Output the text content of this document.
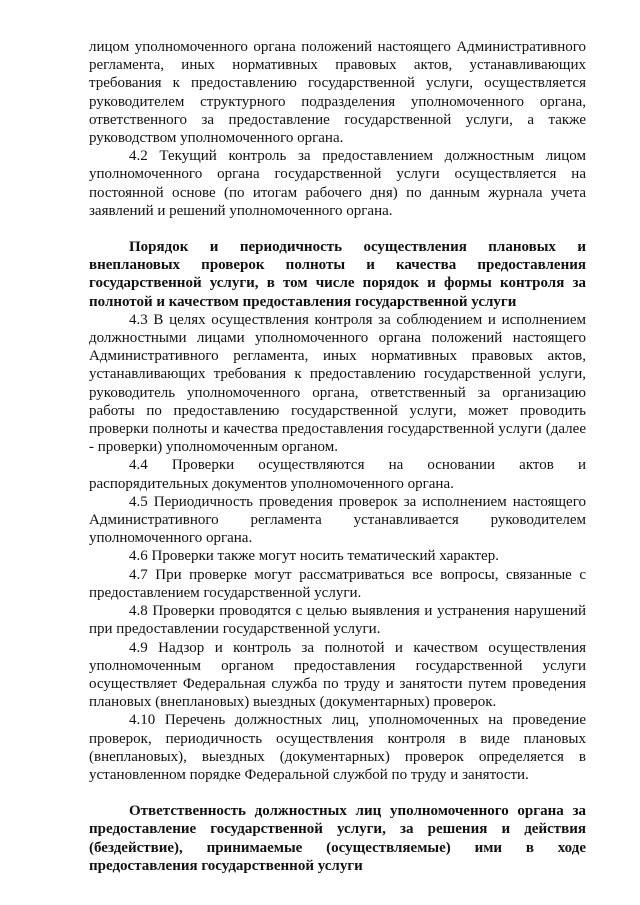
лицом уполномоченного органа положений настоящего Административного регламента, иных нормативных правовых актов, устанавливающих требования к предоставлению государственной услуги, осуществляется руководителем структурного подразделения уполномоченного органа, ответственного за предоставление государственной услуги, а также руководством уполномоченного органа.

4.2 Текущий контроль за предоставлением должностным лицом уполномоченного органа государственной услуги осуществляется на постоянной основе (по итогам рабочего дня) по данным журнала учета заявлений и решений уполномоченного органа.

Порядок и периодичность осуществления плановых и внеплановых проверок полноты и качества предоставления государственной услуги, в том числе порядок и формы контроля за полнотой и качеством предоставления государственной услуги

4.3 В целях осуществления контроля за соблюдением и исполнением должностными лицами уполномоченного органа положений настоящего Административного регламента, иных нормативных правовых актов, устанавливающих требования к предоставлению государственной услуги, руководитель уполномоченного органа, ответственный за организацию работы по предоставлению государственной услуги, может проводить проверки полноты и качества предоставления государственной услуги (далее - проверки) уполномоченным органом.

4.4 Проверки осуществляются на основании актов и распорядительных документов уполномоченного органа.

4.5 Периодичность проведения проверок за исполнением настоящего Административного регламента устанавливается руководителем уполномоченного органа.

4.6 Проверки также могут носить тематический характер.

4.7 При проверке могут рассматриваться все вопросы, связанные с предоставлением государственной услуги.

4.8 Проверки проводятся с целью выявления и устранения нарушений при предоставлении государственной услуги.

4.9 Надзор и контроль за полнотой и качеством осуществления уполномоченным органом предоставления государственной услуги осуществляет Федеральная служба по труду и занятости путем проведения плановых (внеплановых) выездных (документарных) проверок.

4.10 Перечень должностных лиц, уполномоченных на проведение проверок, периодичность осуществления контроля в виде плановых (внеплановых), выездных (документарных) проверок определяется в установленном порядке Федеральной службой по труду и занятости.

Ответственность должностных лиц уполномоченного органа за предоставление государственной услуги, за решения и действия (бездействие), принимаемые (осуществляемые) ими в ходе предоставления государственной услуги
